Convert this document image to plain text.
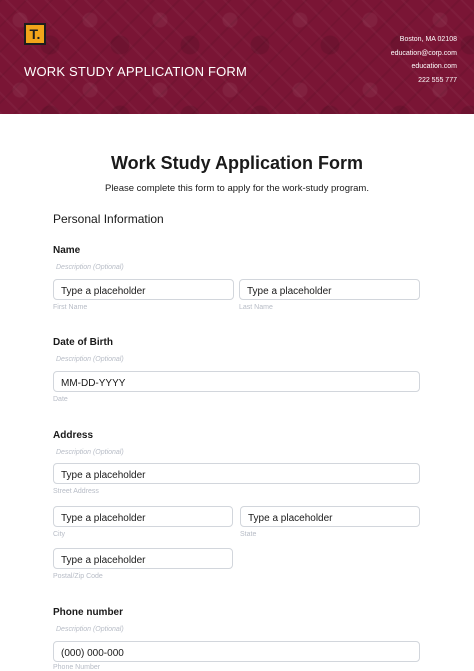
T.
WORK STUDY APPLICATION FORM
Boston, MA 02108
education@corp.com
education.com
222 555 777
Work Study Application Form
Please complete this form to apply for the work-study program.
Personal Information
Name
Description (Optional)
Type a placeholder	Type a placeholder
First Name	Last Name
Date of Birth
Description (Optional)
MM-DD-YYYY
Date
Address
Description (Optional)
Type a placeholder
Street Address
Type a placeholder	Type a placeholder
City	State
Type a placeholder
Postal/Zip Code
Phone number
Description (Optional)
(000) 000-000
Phone Number
